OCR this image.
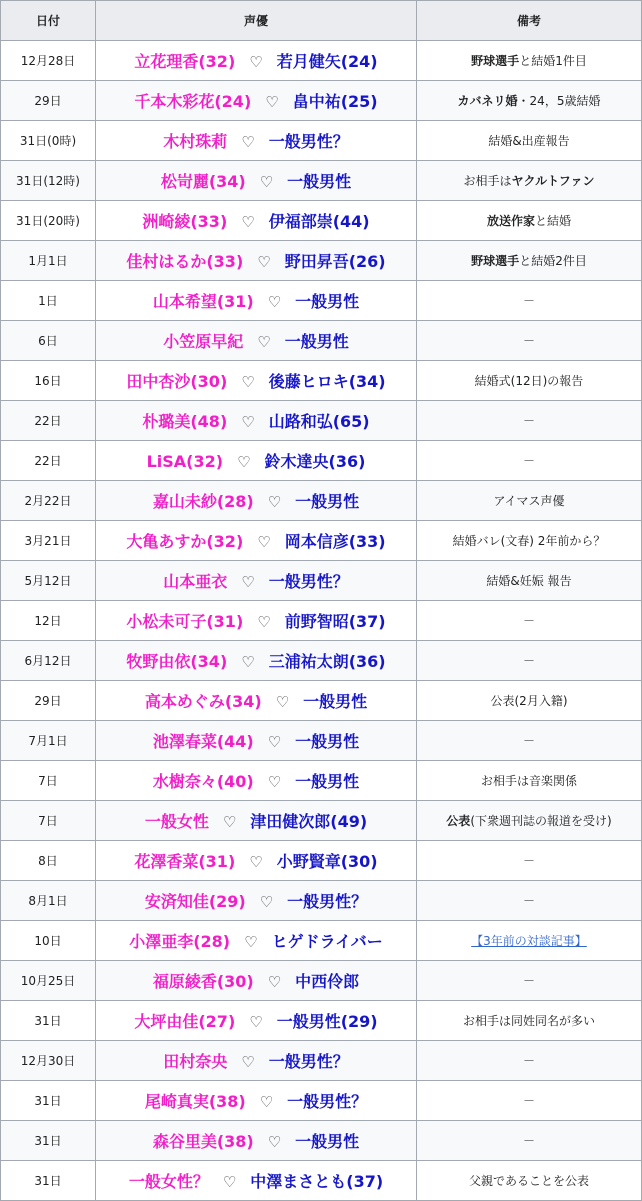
日付	声優	備考
12月28日	立花理香(32) ♡ 若月健矢(24)	野球選手と結婚1件目
29日	千本木彩花(24) ♡ 畠中祐(25)	カバネリ婚・24，5歳結婚
31日(0時)	木村珠莉 ♡ 一般男性？	結婚&出産報告
31日(12時)	松岢麗(34) ♡ 一般男性	お相手はヤクルトファン
31日(20時)	洲崎綾(33) ♡ 伊福部崇(44)	放送作家と結婚
1月1日	佳村はるか(33) ♡ 野田昇吾(26)	野球選手と結婚2件目
1日	山本希望(31) ♡ 一般男性	－
6日	小笠原早紀 ♡ 一般男性	－
16日	田中杏沙(30) ♡ 後藤ヒロキ(34)	結婚式(12日)の報告
22日	朴璐美(48) ♡ 山路和弘(65)	－
22日	LiSA(32) ♡ 鈴木達央(36)	－
2月22日	嘉山未紗(28) ♡ 一般男性	アイマス声優
3月21日	大亀あすか(32) ♡ 岡本信彦(33)	結婚バレ(文春) 2年前から？
5月12日	山本亜衣 ♡ 一般男性？	結婚&妊娠 報告
12日	小松未可子(31) ♡ 前野智昭(37)	－
6月12日	牧野由依(34) ♡ 三浦祐太朗(36)	－
29日	高本めぐみ(34) ♡ 一般男性	公表(2月入籍)
7月1日	池澤春菜(44) ♡ 一般男性	－
7日	水樹奈々(40) ♡ 一般男性	お相手は音楽関係
7日	一般女性 ♡ 津田健次郎(49)	公表(下衆週刊誌の報道を受け)
8日	花澤香菜(31) ♡ 小野賢章(30)	－
8月1日	安済知佳(29) ♡ 一般男性？	－
10日	小澤亜李(28) ♡ ヒゲドライバー	【3年前の対談記事】
10月25日	福原綾香(30) ♡ 中西伶郎	－
31日	大坪由佳(27) ♡ 一般男性(29)	お相手は同姓同名が多い
12月30日	田村奈央 ♡ 一般男性？	－
31日	尾崎真実(38) ♡ 一般男性？	－
31日	森谷里美(38) ♡ 一般男性	－
31日	一般女性？ ♡ 中澤まさとも(37)	父親であることを公表
